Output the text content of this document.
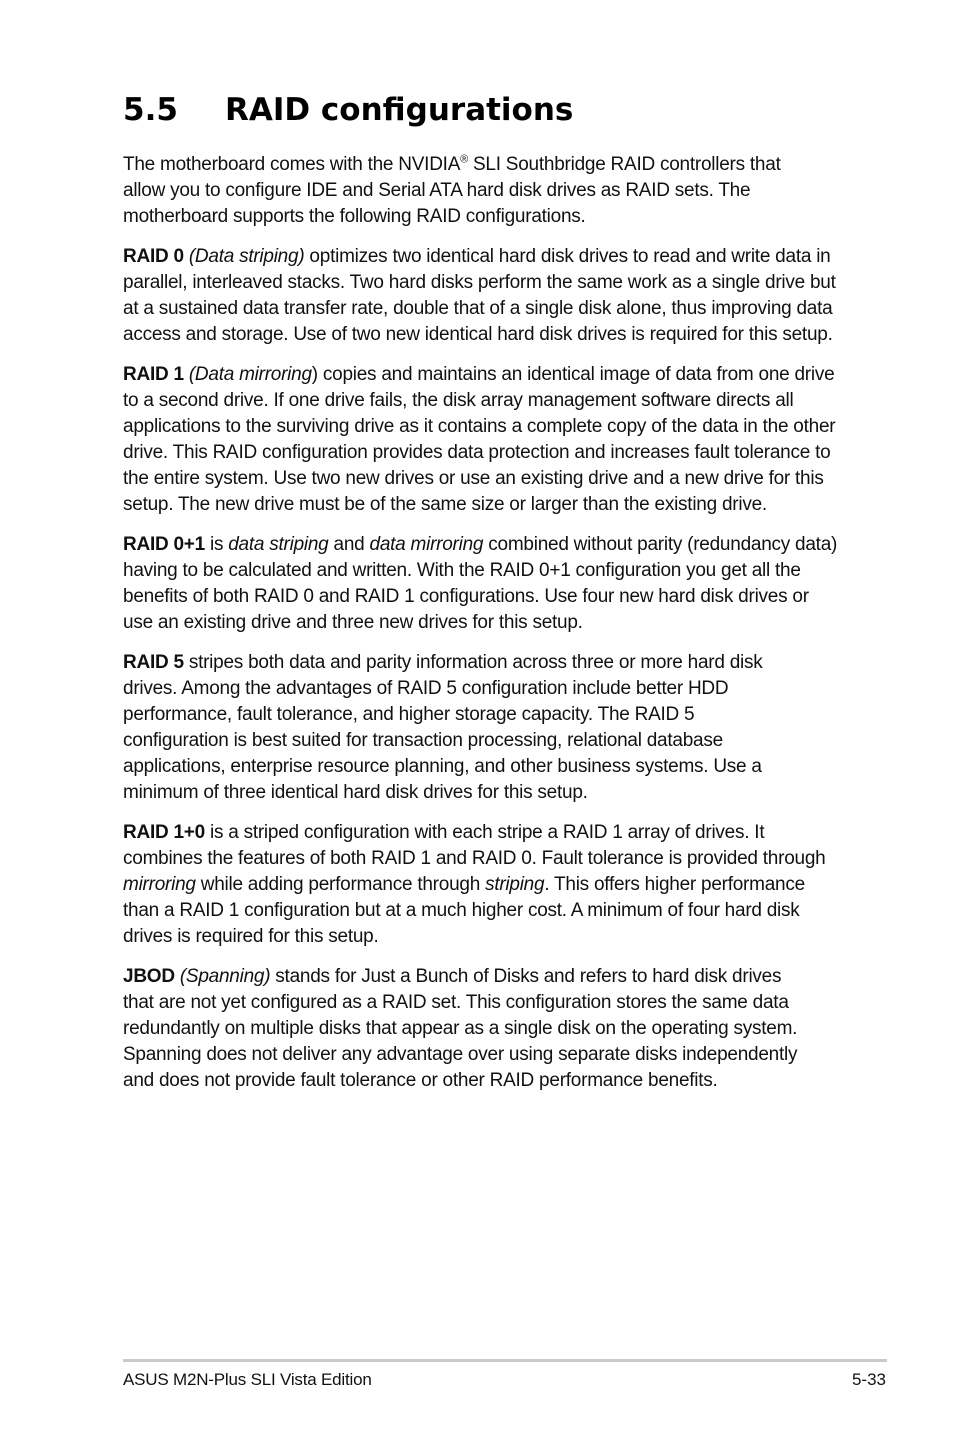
5.5 RAID configurations

The motherboard comes with the NVIDIA® SLI Southbridge RAID controllers that

allow you to configure IDE and Serial ATA hard disk drives as RAID sets. The

motherboard supports the following RAID configurations.

RAID 0 (Data striping) optimizes two identical hard disk drives to read and write data in parallel, interleaved stacks. Two hard disks perform the same work as a single drive but at a sustained data transfer rate, double that of a single disk alone, thus improving data access and storage. Use of two new identical hard disk drives is required for this setup.

RAID 1 (Data mirroring) copies and maintains an identical image of data from one drive to a second drive. If one drive fails, the disk array management software directs all applications to the surviving drive as it contains a complete copy of the data in the other drive. This RAID configuration provides data protection and increases fault tolerance to the entire system. Use two new drives or use an existing drive and a new drive for this setup. The new drive must be of the same size or larger than the existing drive.

RAID 0+1 is data striping and data mirroring combined without parity (redundancy data) having to be calculated and written. With the RAID 0+1 configuration you get all the benefits of both RAID 0 and RAID 1 configurations. Use four new hard disk drives or use an existing drive and three new drives for this setup.

RAID 5 stripes both data and parity information across three or more hard disk drives. Among the advantages of RAID 5 configuration include better HDD performance, fault tolerance, and higher storage capacity. The RAID 5 configuration is best suited for transaction processing, relational database applications, enterprise resource planning, and other business systems. Use a minimum of three identical hard disk drives for this setup.

RAID 1+0 is a striped configuration with each stripe a RAID 1 array of drives. It combines the features of both RAID 1 and RAID 0. Fault tolerance is provided through mirroring while adding performance through striping. This offers higher performance than a RAID 1 configuration but at a much higher cost. A minimum of four hard disk drives is required for this setup.

JBOD (Spanning) stands for Just a Bunch of Disks and refers to hard disk drives that are not yet configured as a RAID set. This configuration stores the same data redundantly on multiple disks that appear as a single disk on the operating system. Spanning does not deliver any advantage over using separate disks independently and does not provide fault tolerance or other RAID performance benefits.

ASUS M2N-Plus SLI Vista Edition	5-33
